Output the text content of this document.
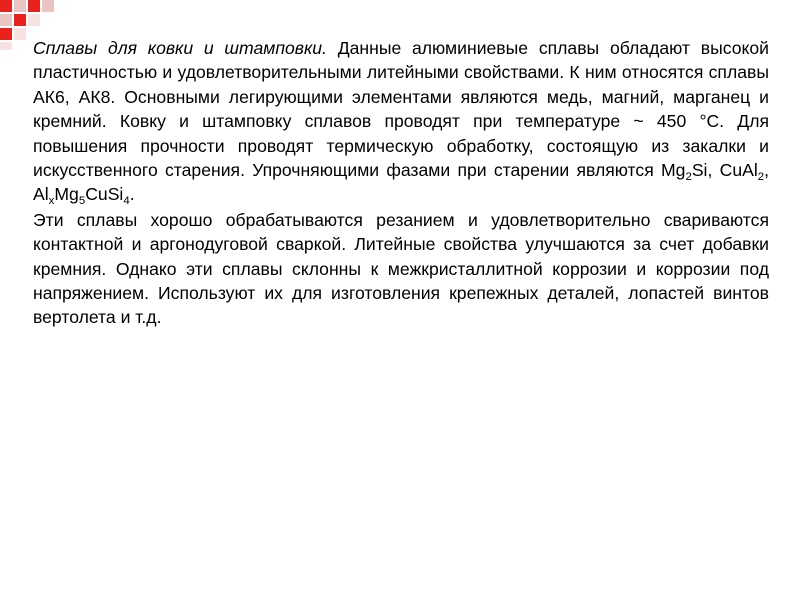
Сплавы для ковки и штамповки. Данные алюминиевые сплавы обладают высокой пластичностью и удовлетворительными литейными свойствами. К ним относятся сплавы АК6, АК8. Основными легирующими элементами являются медь, магний, марганец и кремний. Ковку и штамповку сплавов проводят при температуре ~ 450 °С. Для повышения прочности проводят термическую обработку, состоящую из закалки и искусственного старения. Упрочняющими фазами при старении являются $Mg_2Si$, CuAl$_2$, $Al_xMg_5CuSi_4$.

Эти сплавы хорошо обрабатываются резанием и удовлетворительно свариваются контактной и аргонодуговой сваркой. Литейные свойства улучшаются за счет добавки кремния. Однако эти сплавы склонны к межкристаллитной коррозии и коррозии под напряжением. Используют их для изготовления крепежных деталей, лопастей винтов вертолета и т.д.
